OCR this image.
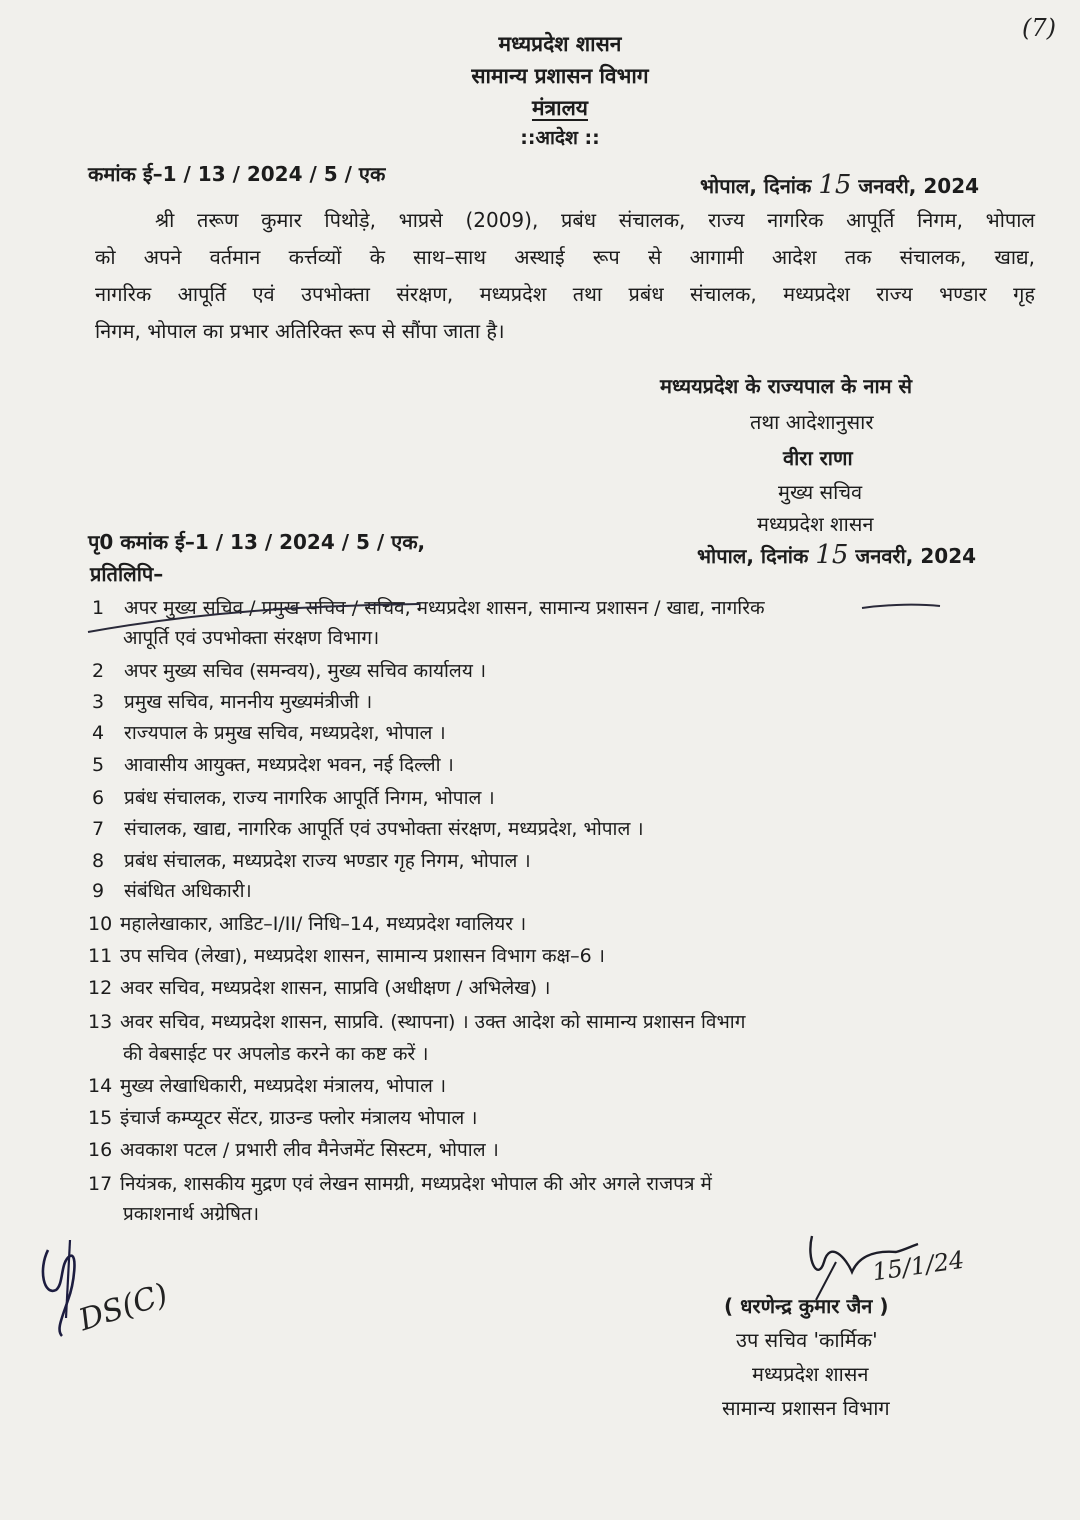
मध्यप्रदेश शासन
सामान्य प्रशासन विभाग
मंत्रालय
::आदेश ::
(7)
कमांक ई–1 / 13 / 2024 / 5 / एक	भोपाल, दिनांक 15 जनवरी, 2024
श्री तरूण कुमार पिथोड़े, भाप्रसे (2009), प्रबंध संचालक, राज्य नागरिक आपूर्ति निगम, भोपाल
को अपने वर्तमान कर्त्तव्यों के साथ–साथ अस्थाई रूप से आगामी आदेश तक संचालक, खाद्य,
नागरिक आपूर्ति एवं उपभोक्ता संरक्षण, मध्यप्रदेश तथा प्रबंध संचालक, मध्यप्रदेश राज्य भण्डार गृह
निगम, भोपाल का प्रभार अतिरिक्त रूप से सौंपा जाता है।
मध्ययप्रदेश के राज्यपाल के नाम से
तथा आदेशानुसार
वीरा राणा
मुख्य सचिव
मध्यप्रदेश शासन
पृ0 कमांक ई–1 / 13 / 2024 / 5 / एक,
प्रतिलिपि–
भोपाल, दिनांक 15 जनवरी, 2024
1 अपर मुख्य सचिव / प्रमुख सचिव / सचिव, मध्यप्रदेश शासन, सामान्य प्रशासन / खाद्य, नागरिक
आपूर्ति एवं उपभोक्ता संरक्षण विभाग।
2 अपर मुख्य सचिव (समन्वय), मुख्य सचिव कार्यालय ।
3 प्रमुख सचिव, माननीय मुख्यमंत्रीजी ।
4 राज्यपाल के प्रमुख सचिव, मध्यप्रदेश, भोपाल ।
5 आवासीय आयुक्त, मध्यप्रदेश भवन, नई दिल्ली ।
6 प्रबंध संचालक, राज्य नागरिक आपूर्ति निगम, भोपाल ।
7 संचालक, खाद्य, नागरिक आपूर्ति एवं उपभोक्ता संरक्षण, मध्यप्रदेश, भोपाल ।
8 प्रबंध संचालक, मध्यप्रदेश राज्य भण्डार गृह निगम, भोपाल ।
9 संबंधित अधिकारी।
10 महालेखाकार, आडिट–I/II/ निधि–14, मध्यप्रदेश ग्वालियर ।
11 उप सचिव (लेखा), मध्यप्रदेश शासन, सामान्य प्रशासन विभाग कक्ष–6 ।
12 अवर सचिव, मध्यप्रदेश शासन, साप्रवि (अधीक्षण / अभिलेख) ।
13 अवर सचिव, मध्यप्रदेश शासन, साप्रवि. (स्थापना) । उक्त आदेश को सामान्य प्रशासन विभाग
की वेबसाईट पर अपलोड करने का कष्ट करें ।
14 मुख्य लेखाधिकारी, मध्यप्रदेश मंत्रालय, भोपाल ।
15 इंचार्ज कम्प्यूटर सेंटर, ग्राउन्ड फ्लोर मंत्रालय भोपाल ।
16 अवकाश पटल / प्रभारी लीव मैनेजमेंट सिस्टम, भोपाल ।
17 नियंत्रक, शासकीय मुद्रण एवं लेखन सामग्री, मध्यप्रदेश भोपाल की ओर अगले राजपत्र में
प्रकाशनार्थ अग्रेषित।
15/1/24
DS(C)	( धरणेन्द्र कुमार जैन )
उप सचिव 'कार्मिक'
मध्यप्रदेश शासन
सामान्य प्रशासन विभाग
